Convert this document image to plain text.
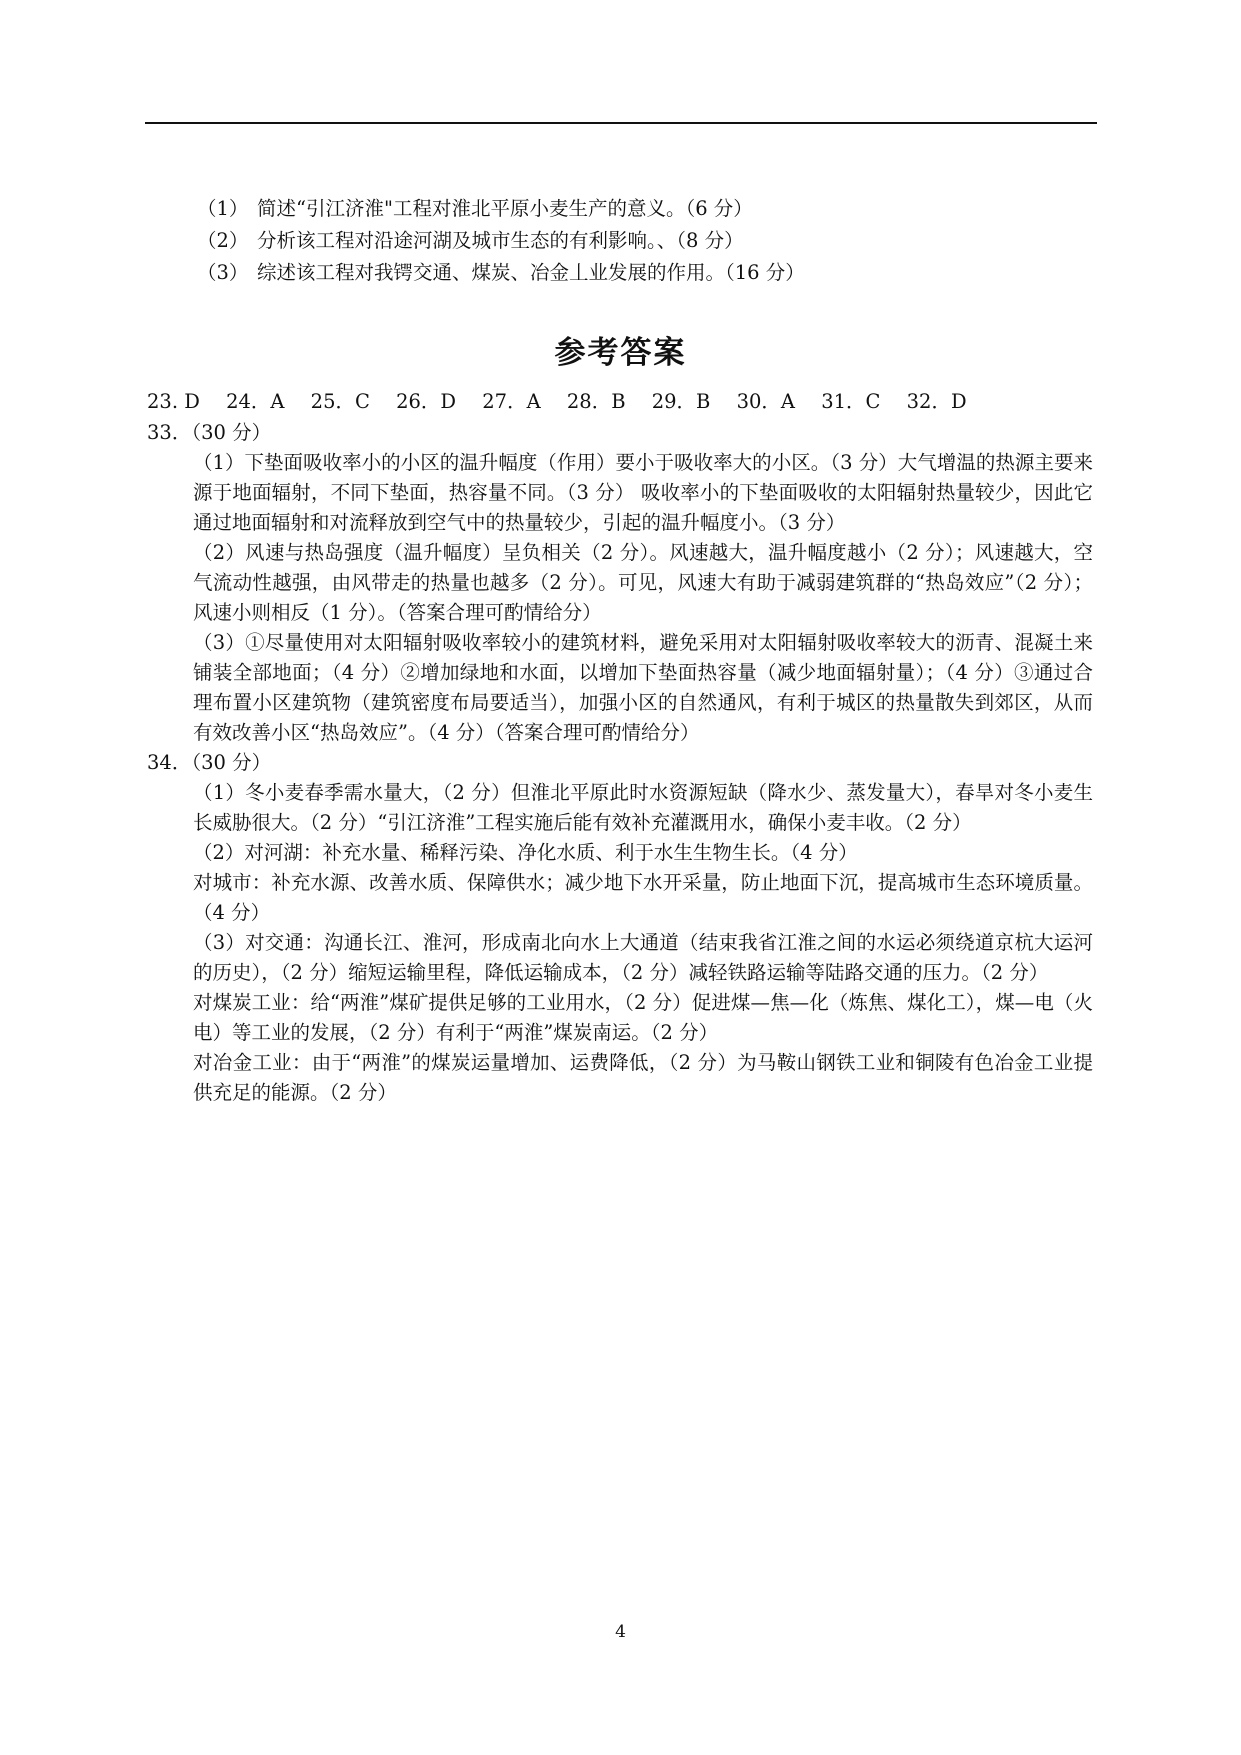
（1） 简述“引江济淮"工程对淮北平原小麦生产的意义。（6 分）
（2） 分析该工程对沿途河湖及城市生态的有利影响。、（8 分）
（3） 综述该工程对我锷交通、煤炭、冶金丄业发展的作用。（16 分）
参考答案
23. D 24．A 25．C 26．D 27．A 28．B 29．B 30．A 31．C 32．D
33．（30 分）
（1）下垫面吸收率小的小区的温升幅度（作用）要小于吸收率大的小区。（3 分）大气增温的热源主要来源于地面辐射，不同下垫面，热容量不同。（3 分） 吸收率小的下垫面吸收的太阳辐射热量较少，因此它通过地面辐射和对流释放到空气中的热量较少，引起的温升幅度小。（3 分）
（2）风速与热岛强度（温升幅度）呈负相关（2 分）。风速越大，温升幅度越小（2 分）；风速越大，空气流动性越强，由风带走的热量也越多（2 分）。可见，风速大有助于减弱建筑群的“热岛效应”（2 分）；风速小则相反（1 分）。（答案合理可酌情给分）
（3）①尽量使用对太阳辐射吸收率较小的建筑材料，避免采用对太阳辐射吸收率较大的沥青、混凝土来铺装全部地面；（4 分）②增加绿地和水面，以增加下垫面热容量（减少地面辐射量）；（4 分）③通过合理布置小区建筑物（建筑密度布局要适当），加强小区的自然通风，有利于城区的热量散失到郊区，从而有效改善小区“热岛效应”。（4 分）（答案合理可酌情给分）
34．（30 分）
（1）冬小麦春季需水量大，（2 分）但淮北平原此时水资源短缺（降水少、蒸发量大），春旱对冬小麦生长威胁很大。（2 分）“引江济淮”工程实施后能有效补充灌溉用水，确保小麦丰收。（2 分）
（2）对河湖：补充水量、稀释污染、净化水质、利于水生生物生长。（4 分）
对城市：补充水源、改善水质、保障供水；减少地下水开采量，防止地面下沉，提高城市生态环境质量。（4 分）
（3）对交通：沟通长江、淮河，形成南北向水上大通道（结束我省江淮之间的水运必须绕道京杭大运河的历史），（2 分）缩短运输里程，降低运输成本，（2 分）减轻铁路运输等陆路交通的压力。（2 分）
对煤炭工业：给“两淮”煤矿提供足够的工业用水，（2 分）促进煤—焦—化（炼焦、煤化工），煤—电（火电）等工业的发展，（2 分）有利于“两淮”煤炭南运。（2 分）
对冶金工业：由于“两淮”的煤炭运量增加、运费降低，（2 分）为马鞍山钢铁工业和铜陵有色冶金工业提供充足的能源。（2 分）
4
